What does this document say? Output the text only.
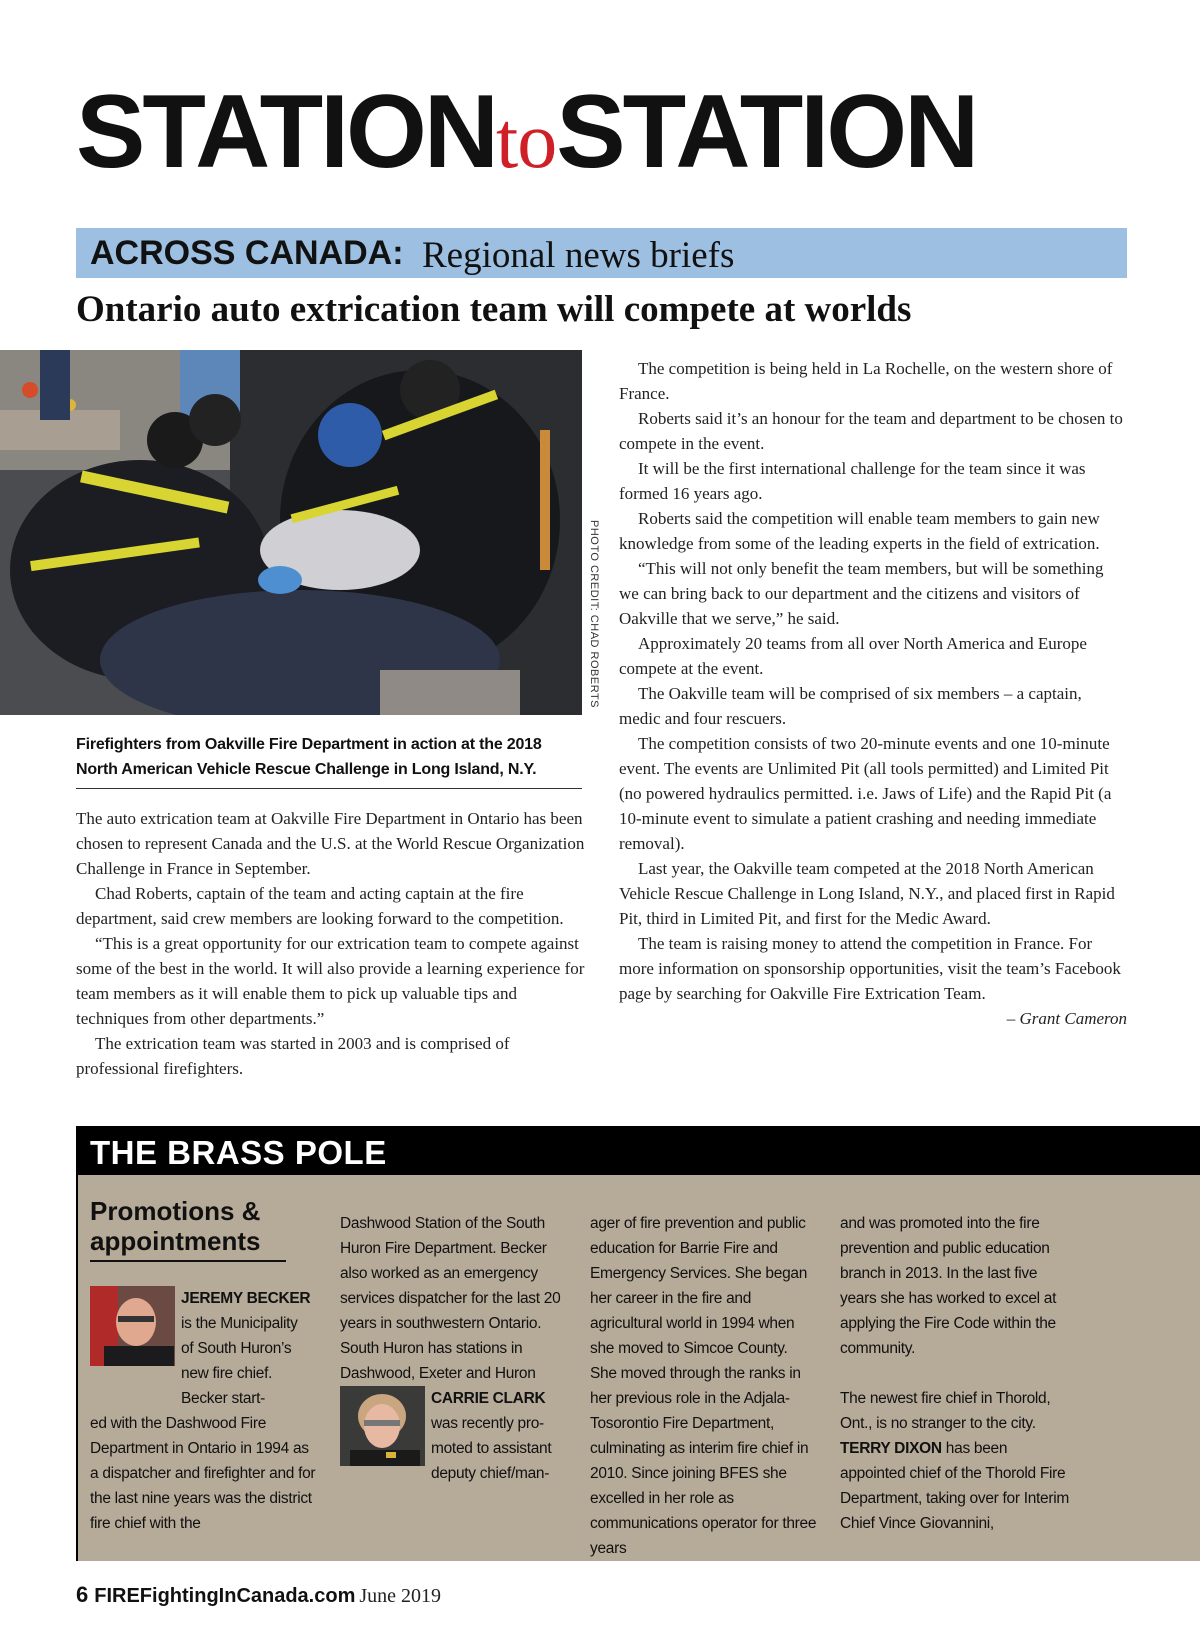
STATIONtoSTATION
ACROSS CANADA: Regional news briefs
Ontario auto extrication team will compete at worlds
PHOTO CREDIT: CHAD ROBERTS
Firefighters from Oakville Fire Department in action at the 2018 North American Vehicle Rescue Challenge in Long Island, N.Y.

The auto extrication team at Oakville Fire Department in Ontario has been chosen to represent Canada and the U.S. at the World Rescue Organization Challenge in France in September.

Chad Roberts, captain of the team and acting captain at the fire department, said crew members are looking forward to the competition.

“This is a great opportunity for our extrication team to compete against some of the best in the world. It will also provide a learning experience for team members as it will enable them to pick up valuable tips and techniques from other departments.”

The extrication team was started in 2003 and is comprised of professional firefighters.

The competition is being held in La Rochelle, on the western shore of France.

Roberts said it’s an honour for the team and department to be chosen to compete in the event.

It will be the first international challenge for the team since it was formed 16 years ago.

Roberts said the competition will enable team members to gain new knowledge from some of the leading experts in the field of extrication.

“This will not only benefit the team members, but will be something we can bring back to our department and the citizens and visitors of Oakville that we serve,” he said.

Approximately 20 teams from all over North America and Europe compete at the event.

The Oakville team will be comprised of six members – a captain, medic and four rescuers.

The competition consists of two 20-minute events and one 10-minute event. The events are Unlimited Pit (all tools permitted) and Limited Pit (no powered hydraulics permitted. i.e. Jaws of Life) and the Rapid Pit (a 10-minute event to simulate a patient crashing and needing immediate removal).

Last year, the Oakville team competed at the 2018 North American Vehicle Rescue Challenge in Long Island, N.Y., and placed first in Rapid Pit, third in Limited Pit, and first for the Medic Award.

The team is raising money to attend the competition in France. For more information on sponsorship opportunities, visit the team’s Facebook page by searching for Oakville Fire Extrication Team.

– Grant Cameron
THE BRASS POLE
Promotions & appointments

JEREMY BECKER

is the Municipality

of South Huron’s

new fire chief.

Becker start-

ed with the Dashwood Fire Department in Ontario in 1994 as a dispatcher and firefighter and for the last nine years was the district fire chief with the

Dashwood Station of the South Huron Fire Department. Becker also worked as an emergency services dispatcher for the last 20 years in southwestern Ontario. South Huron has stations in Dashwood, Exeter and Huron

CARRIE CLARK

was recently pro-

moted to assistant

deputy chief/man-

ager of fire prevention and public education for Barrie Fire and Emergency Services. She began her career in the fire and agricultural world in 1994 when she moved to Simcoe County. She moved through the ranks in her previous role in the Adjala-Tosorontio Fire Department, culminating as interim fire chief in 2010. Since joining BFES she excelled in her role as communications operator for three years

and was promoted into the fire prevention and public education branch in 2013. In the last five years she has worked to excel at applying the Fire Code within the community.

The newest fire chief in Thorold, Ont., is no stranger to the city. TERRY DIXON has been appointed chief of the Thorold Fire Department, taking over for Interim Chief Vince Giovannini,

6 FIREFightingInCanada.com June 2019
